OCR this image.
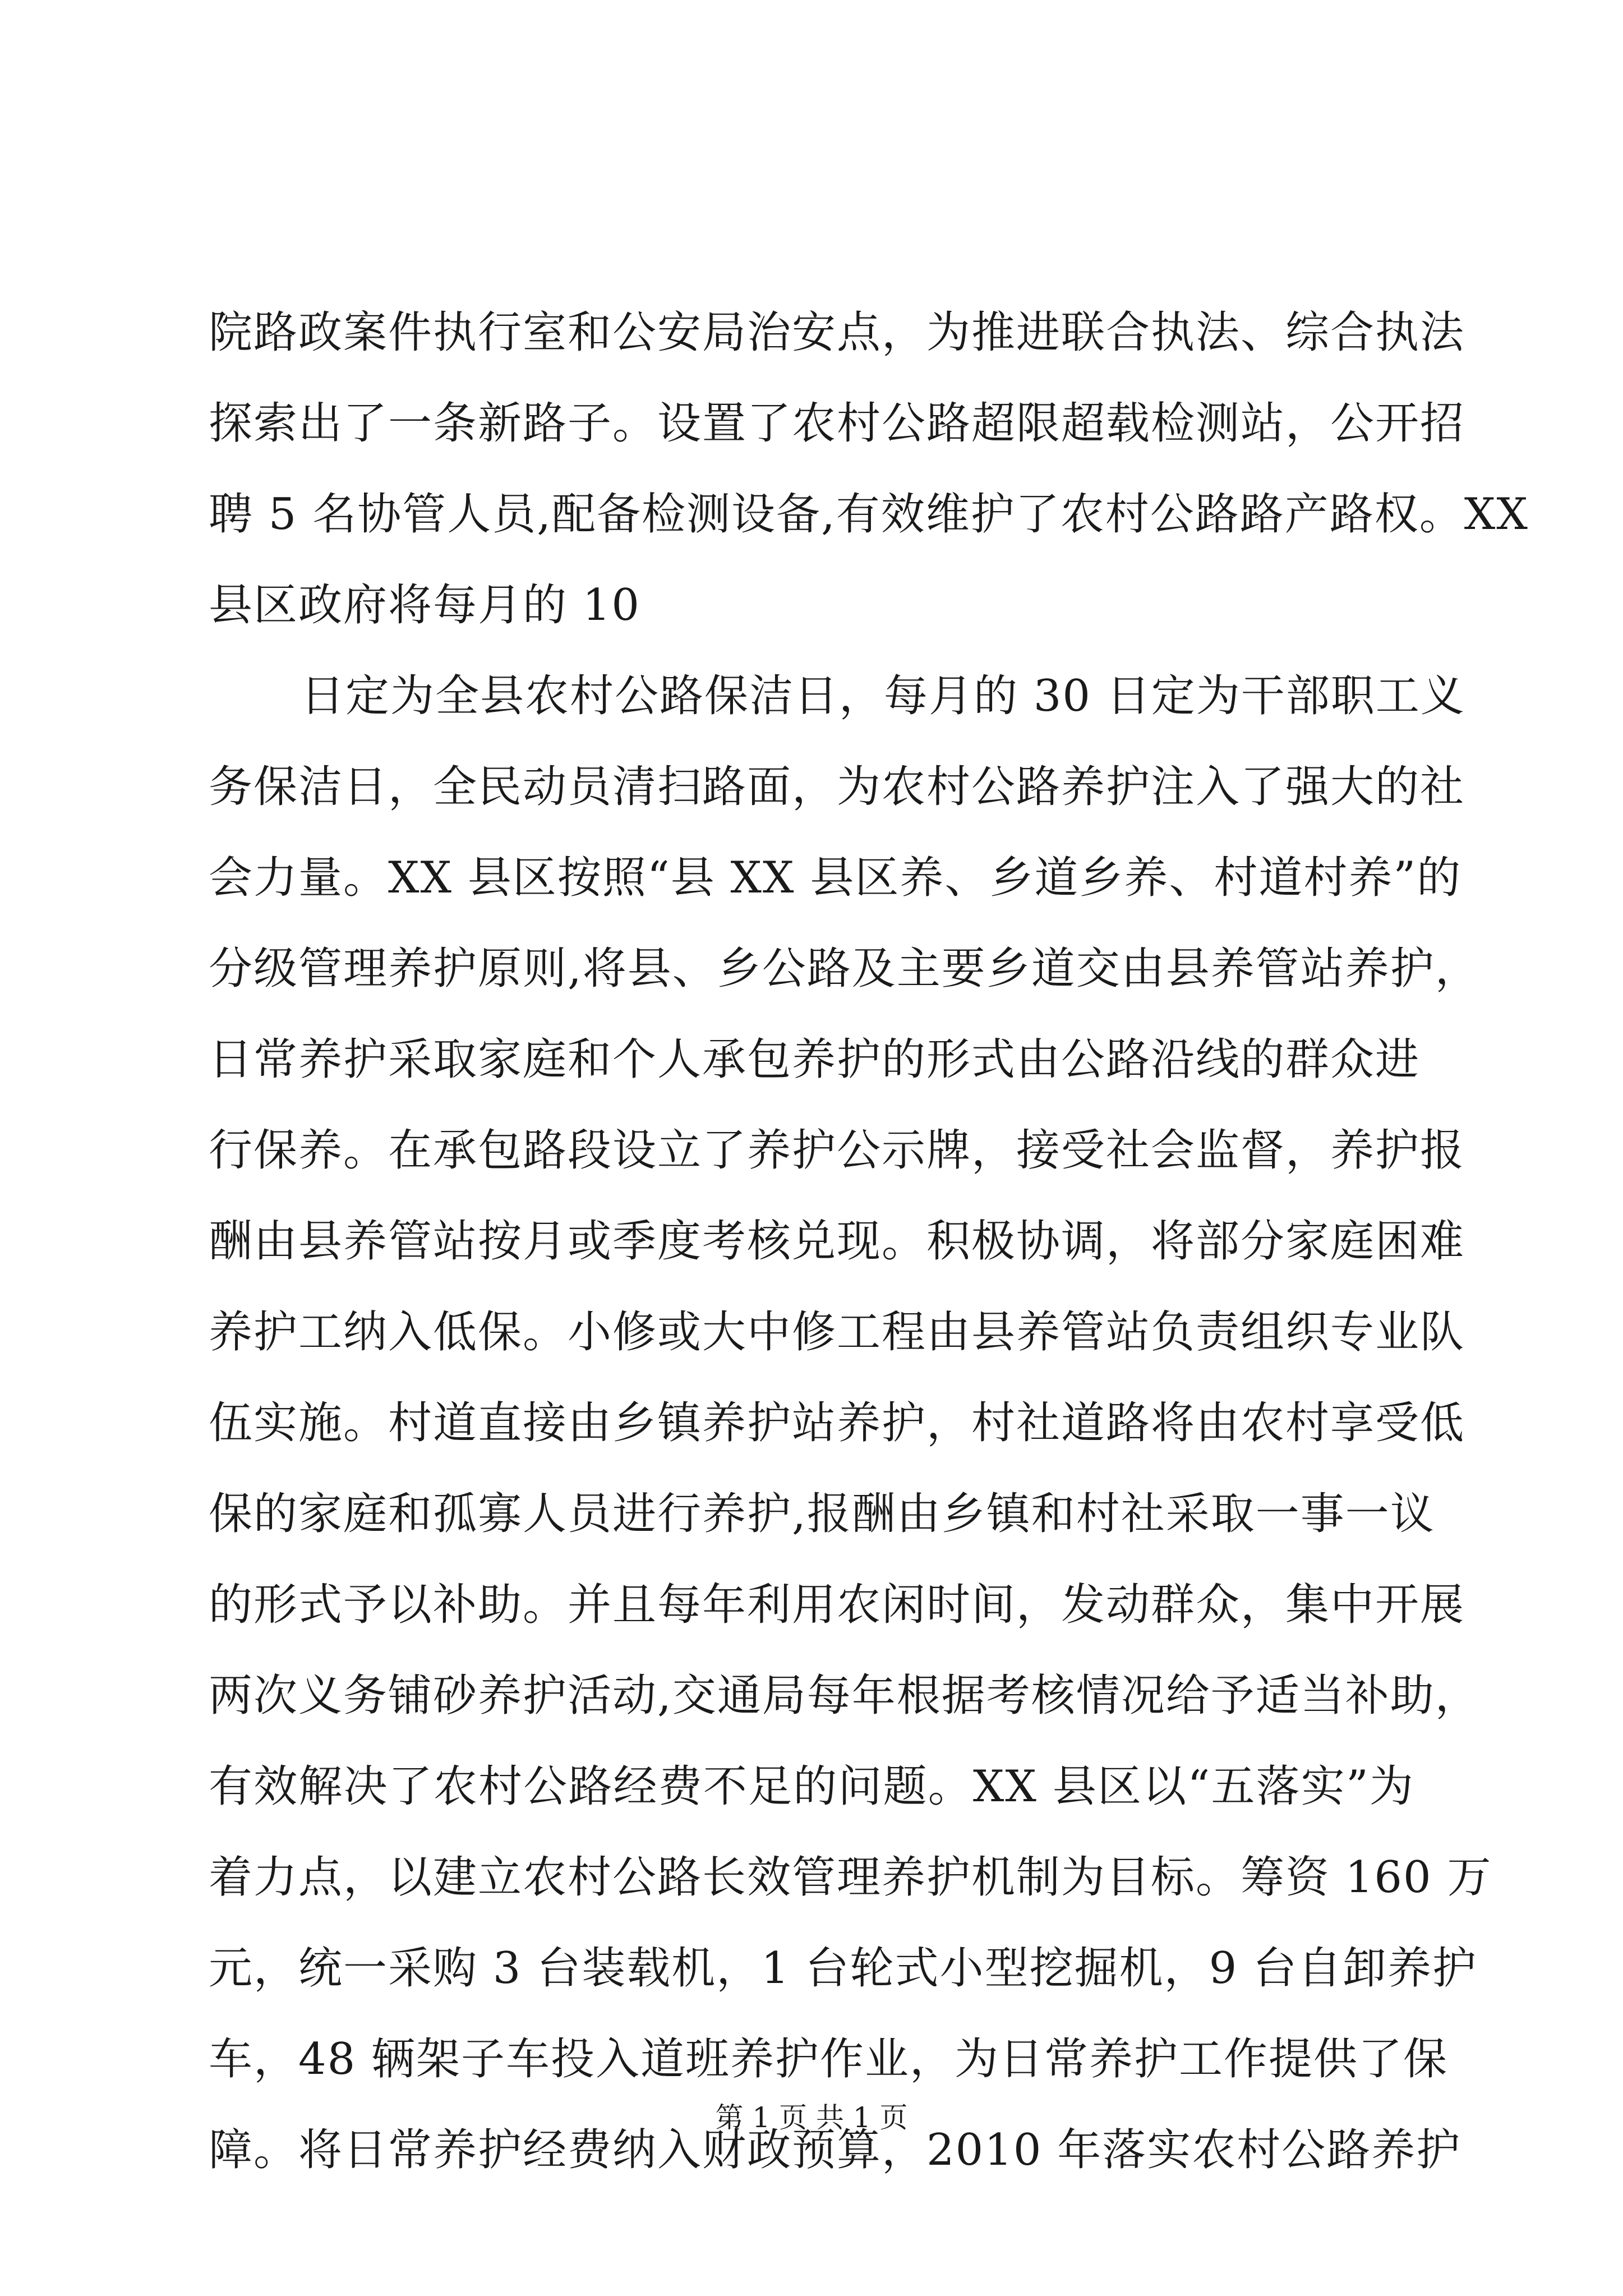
院路政案件执行室和公安局治安点，为推进联合执法、综合执法
探索出了一条新路子。设置了农村公路超限超载检测站，公开招
聘 5 名协管人员,配备检测设备,有效维护了农村公路路产路权。XX
县区政府将每月的 10
日定为全县农村公路保洁日，每月的 30 日定为干部职工义
务保洁日，全民动员清扫路面，为农村公路养护注入了强大的社
会力量。XX 县区按照“县 XX 县区养、乡道乡养、村道村养”的
分级管理养护原则,将县、乡公路及主要乡道交由县养管站养护，
日常养护采取家庭和个人承包养护的形式由公路沿线的群众进
行保养。在承包路段设立了养护公示牌，接受社会监督，养护报
酬由县养管站按月或季度考核兑现。积极协调，将部分家庭困难
养护工纳入低保。小修或大中修工程由县养管站负责组织专业队
伍实施。村道直接由乡镇养护站养护，村社道路将由农村享受低
保的家庭和孤寡人员进行养护,报酬由乡镇和村社采取一事一议
的形式予以补助。并且每年利用农闲时间，发动群众，集中开展
两次义务铺砂养护活动,交通局每年根据考核情况给予适当补助，
有效解决了农村公路经费不足的问题。XX 县区以“五落实”为
着力点，以建立农村公路长效管理养护机制为目标。筹资 160 万
元，统一采购 3 台装载机，1 台轮式小型挖掘机，9 台自卸养护
车，48 辆架子车投入道班养护作业，为日常养护工作提供了保
障。将日常养护经费纳入财政预算，2010 年落实农村公路养护
第 1 页 共 1 页
